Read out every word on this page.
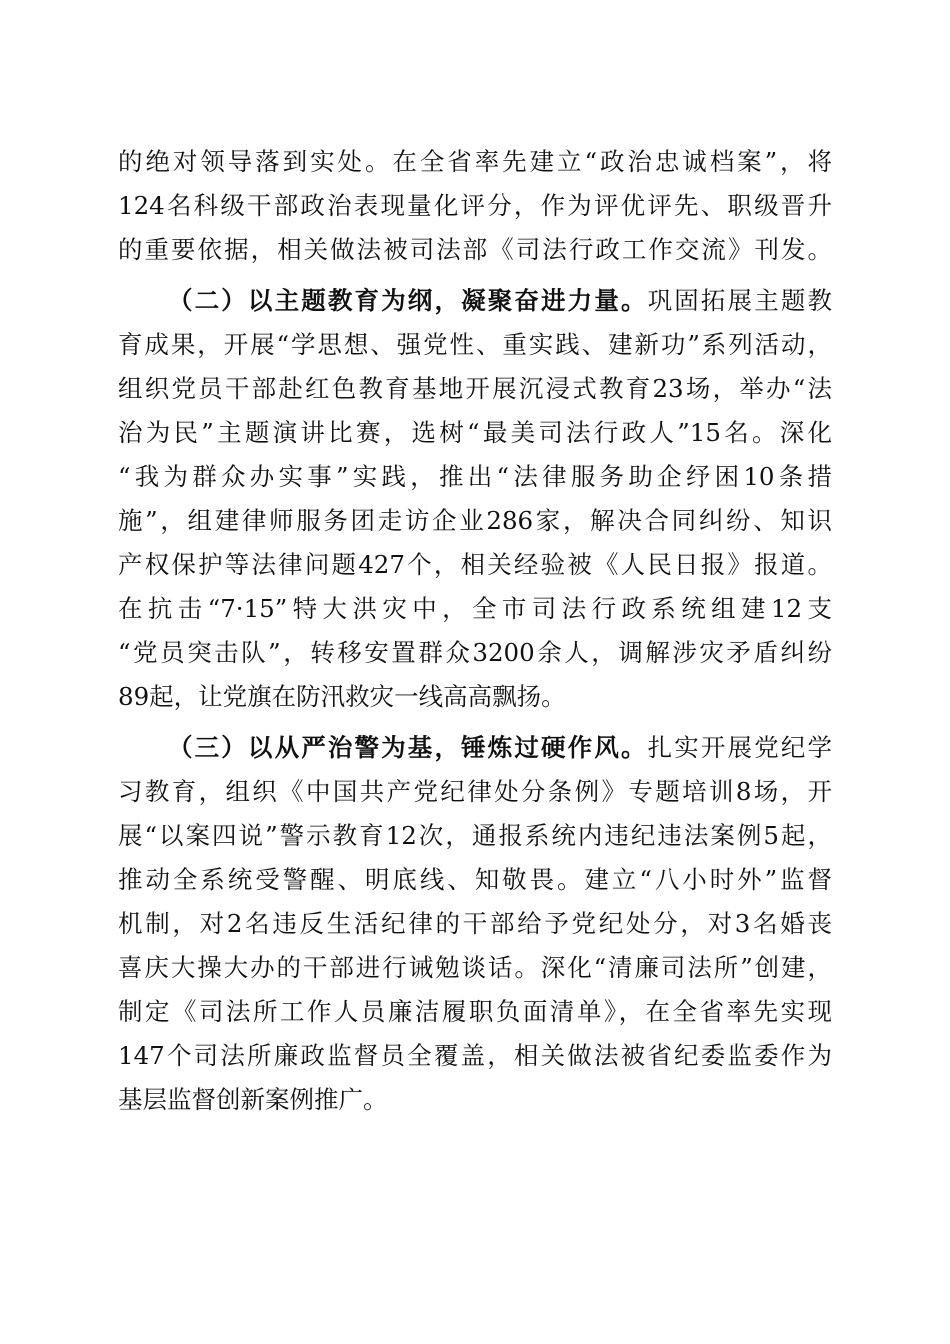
的绝对领导落到实处。在全省率先建立“政治忠诚档案”，将
124名科级干部政治表现量化评分，作为评优评先、职级晋升
的重要依据，相关做法被司法部《司法行政工作交流》刊发。
（二）以主题教育为纲，凝聚奋进力量。巩固拓展主题教
育成果，开展“学思想、强党性、重实践、建新功”系列活动，
组织党员干部赴红色教育基地开展沉浸式教育23场，举办“法
治为民”主题演讲比赛，选树“最美司法行政人”15名。深化
“我为群众办实事”实践，推出“法律服务助企纾困10条措
施”，组建律师服务团走访企业286家，解决合同纠纷、知识
产权保护等法律问题427个，相关经验被《人民日报》报道。
在抗击“7·15”特大洪灾中，全市司法行政系统组建12支
“党员突击队”，转移安置群众3200余人，调解涉灾矛盾纠纷
89起，让党旗在防汛救灾一线高高飘扬。
（三）以从严治警为基，锤炼过硬作风。扎实开展党纪学
习教育，组织《中国共产党纪律处分条例》专题培训8场，开
展“以案四说”警示教育12次，通报系统内违纪违法案例5起，
推动全系统受警醒、明底线、知敬畏。建立“八小时外”监督
机制，对2名违反生活纪律的干部给予党纪处分，对3名婚丧
喜庆大操大办的干部进行诫勉谈话。深化“清廉司法所”创建，
制定《司法所工作人员廉洁履职负面清单》，在全省率先实现
147个司法所廉政监督员全覆盖，相关做法被省纪委监委作为
基层监督创新案例推广。
